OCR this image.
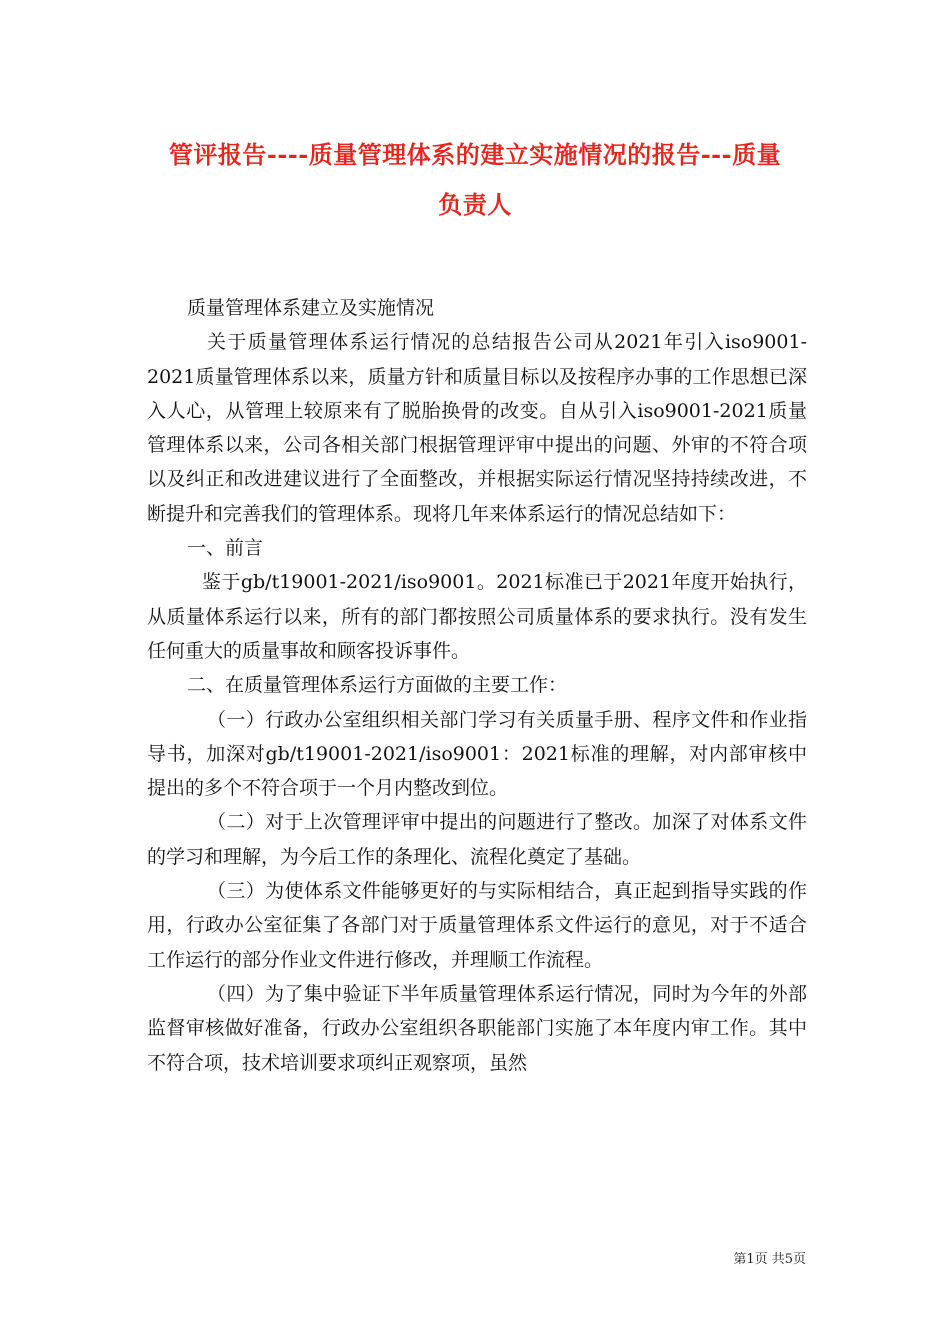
管评报告----质量管理体系的建立实施情况的报告---质量
负责人

质量管理体系建立及实施情况

关于质量管理体系运行情况的总结报告公司从2021年引入iso9001-2021质量管理体系以来，质量方针和质量目标以及按程序办事的工作思想已深入人心，从管理上较原来有了脱胎换骨的改变。自从引入iso9001-2021质量管理体系以来，公司各相关部门根据管理评审中提出的问题、外审的不符合项以及纠正和改进建议进行了全面整改，并根据实际运行情况坚持持续改进，不断提升和完善我们的管理体系。现将几年来体系运行的情况总结如下：

一、前言

鉴于gb/t19001-2021/iso9001。2021标准已于2021年度开始执行，从质量体系运行以来，所有的部门都按照公司质量体系的要求执行。没有发生任何重大的质量事故和顾客投诉事件。

二、在质量管理体系运行方面做的主要工作：

（一）行政办公室组织相关部门学习有关质量手册、程序文件和作业指导书，加深对gb/t19001-2021/iso9001：2021标准的理解，对内部审核中提出的多个不符合项于一个月内整改到位。

（二）对于上次管理评审中提出的问题进行了整改。加深了对体系文件的学习和理解，为今后工作的条理化、流程化奠定了基础。

（三）为使体系文件能够更好的与实际相结合，真正起到指导实践的作用，行政办公室征集了各部门对于质量管理体系文件运行的意见，对于不适合工作运行的部分作业文件进行修改，并理顺工作流程。

（四）为了集中验证下半年质量管理体系运行情况，同时为今年的外部监督审核做好准备，行政办公室组织各职能部门实施了本年度内审工作。其中不符合项，技术培训要求项纠正观察项，虽然

第1页 共5页
